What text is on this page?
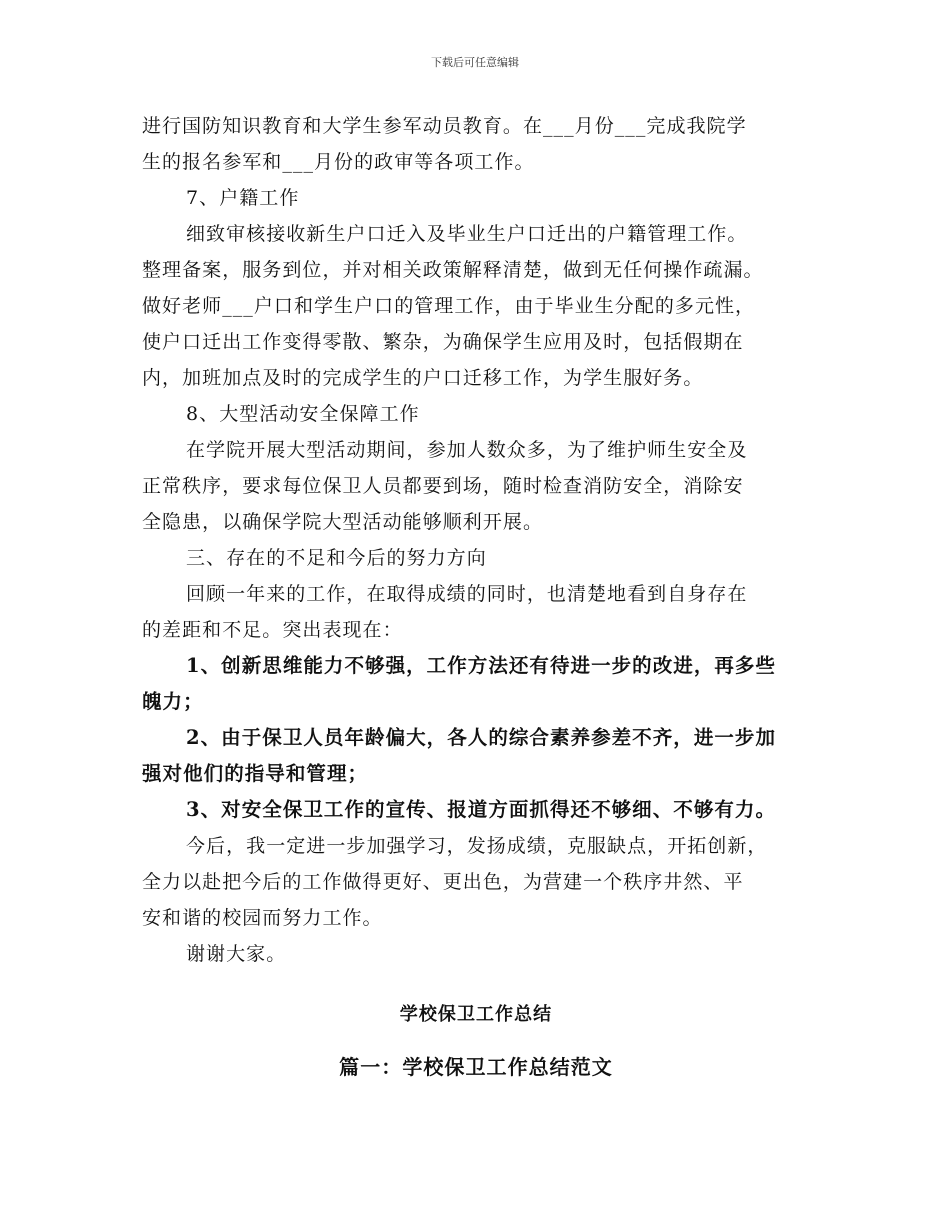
下载后可任意编辑
进行国防知识教育和大学生参军动员教育。在___月份___完成我院学
生的报名参军和___月份的政审等各项工作。
7、户籍工作
细致审核接收新生户口迁入及毕业生户口迁出的户籍管理工作。
整理备案，服务到位，并对相关政策解释清楚，做到无任何操作疏漏。
做好老师___户口和学生户口的管理工作，由于毕业生分配的多元性，
使户口迁出工作变得零散、繁杂，为确保学生应用及时，包括假期在
内，加班加点及时的完成学生的户口迁移工作，为学生服好务。
8、大型活动安全保障工作
在学院开展大型活动期间，参加人数众多，为了维护师生安全及
正常秩序，要求每位保卫人员都要到场，随时检查消防安全，消除安
全隐患，以确保学院大型活动能够顺利开展。
三、存在的不足和今后的努力方向
回顾一年来的工作，在取得成绩的同时，也清楚地看到自身存在
的差距和不足。突出表现在：
1、创新思维能力不够强，工作方法还有待进一步的改进，再多些
魄力；
2、由于保卫人员年龄偏大，各人的综合素养参差不齐，进一步加
强对他们的指导和管理；
3、对安全保卫工作的宣传、报道方面抓得还不够细、不够有力。
今后，我一定进一步加强学习，发扬成绩，克服缺点，开拓创新，
全力以赴把今后的工作做得更好、更出色，为营建一个秩序井然、平
安和谐的校园而努力工作。
谢谢大家。
学校保卫工作总结
篇一：学校保卫工作总结范文
